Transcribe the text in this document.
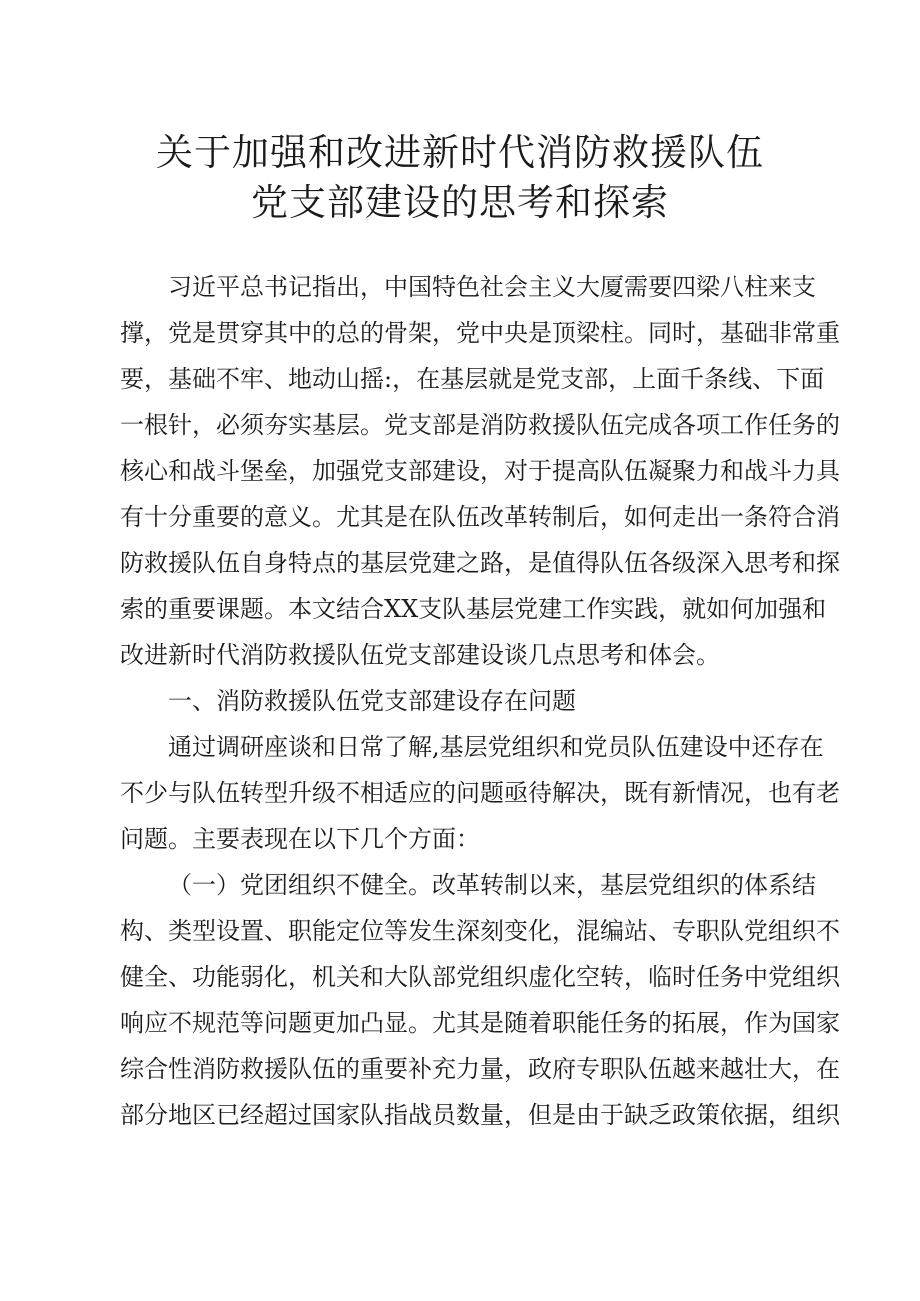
关于加强和改进新时代消防救援队伍
党支部建设的思考和探索

习近平总书记指出，中国特色社会主义大厦需要四梁八柱来支

撑，党是贯穿其中的总的骨架，党中央是顶梁柱。同时，基础非常重

要，基础不牢、地动山摇:，在基层就是党支部，上面千条线、下面

一根针，必须夯实基层。党支部是消防救援队伍完成各项工作任务的

核心和战斗堡垒，加强党支部建设，对于提高队伍凝聚力和战斗力具

有十分重要的意义。尤其是在队伍改革转制后，如何走出一条符合消

防救援队伍自身特点的基层党建之路，是值得队伍各级深入思考和探

索的重要课题。本文结合XX支队基层党建工作实践，就如何加强和

改进新时代消防救援队伍党支部建设谈几点思考和体会。

一、消防救援队伍党支部建设存在问题

通过调研座谈和日常了解,基层党组织和党员队伍建设中还存在

不少与队伍转型升级不相适应的问题亟待解决，既有新情况，也有老

问题。主要表现在以下几个方面：

（一）党团组织不健全。改革转制以来，基层党组织的体系结

构、类型设置、职能定位等发生深刻变化，混编站、专职队党组织不

健全、功能弱化，机关和大队部党组织虚化空转，临时任务中党组织

响应不规范等问题更加凸显。尤其是随着职能任务的拓展，作为国家

综合性消防救援队伍的重要补充力量，政府专职队伍越来越壮大，在

部分地区已经超过国家队指战员数量，但是由于缺乏政策依据，组织
